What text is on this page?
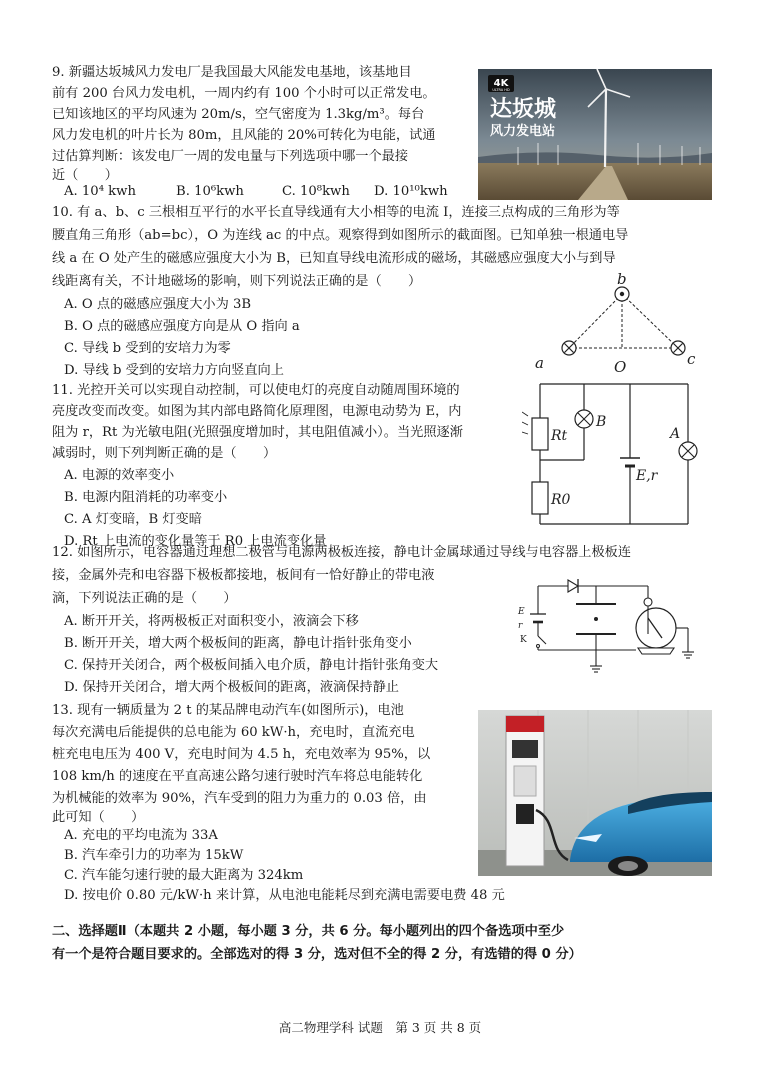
9. 新疆达坂城风力发电厂是我国最大风能发电基地，该基地目
前有 200 台风力发电机，一周内约有 100 个小时可以正常发电。
已知该地区的平均风速为 20m/s，空气密度为 1.3kg/m³。每台
风力发电机的叶片长为 80m，且风能的 20%可转化为电能，试通
过估算判断：该发电厂一周的发电量与下列选项中哪一个最接
近（　　）
A. 10⁴ kwh	B. 10⁶kwh	C. 10⁸kwh D. 10¹⁰kwh
4K
ULTRA HD
达坂城
风力发电站
10. 有 a、b、c 三根相互平行的水平长直导线通有大小相等的电流 I，连接三点构成的三角形为等
腰直角三角形（ab=bc），O 为连线 ac 的中点。观察得到如图所示的截面图。已知单独一根通电导
线 a 在 O 处产生的磁感应强度大小为 B，已知直导线电流形成的磁场，其磁感应强度大小与到导
线距离有关，不计地磁场的影响，则下列说法正确的是（　　）
A. O 点的磁感应强度大小为 3B
B. O 点的磁感应强度方向是从 O 指向 a
C. 导线 b 受到的安培力为零
D. 导线 b 受到的安培力方向竖直向上
b
a	c
O
11. 光控开关可以实现自动控制，可以使电灯的亮度自动随周围环境的
亮度改变而改变。如图为其内部电路简化原理图，电源电动势为 E，内
阻为 r，Rt 为光敏电阻(光照强度增加时，其电阻值减小）。当光照逐渐
减弱时，则下列判断正确的是（　　）
A. 电源的效率变小
B. 电源内阻消耗的功率变小
C. A 灯变暗，B 灯变暗
D. Rt 上电流的变化量等于 R0 上电流变化量
Rt
B
A
E,r
R0
12. 如图所示，电容器通过理想二极管与电源两极板连接，静电计金属球通过导线与电容器上极板连
接，金属外壳和电容器下极板都接地，板间有一恰好静止的带电液
滴，下列说法正确的是（　　）
A. 断开开关，将两极板正对面积变小，液滴会下移
B. 断开开关，增大两个极板间的距离，静电计指针张角变小
C. 保持开关闭合，两个极板间插入电介质，静电计指针张角变大
D. 保持开关闭合，增大两个极板间的距离，液滴保持静止
E
r
K
13. 现有一辆质量为 2 t 的某品牌电动汽车(如图所示)，电池
每次充满电后能提供的总电能为 60 kW·h，充电时，直流充电
桩充电电压为 400 V，充电时间为 4.5 h，充电效率为 95%，以
108 km/h 的速度在平直高速公路匀速行驶时汽车将总电能转化
为机械能的效率为 90%，汽车受到的阻力为重力的 0.03 倍，由
此可知（　　）
A. 充电的平均电流为 33A
B. 汽车牵引力的功率为 15kW
C. 汽车能匀速行驶的最大距离为 324km
D. 按电价 0.80 元/kW·h 来计算，从电池电能耗尽到充满电需要电费 48 元
二、选择题Ⅱ（本题共 2 小题，每小题 3 分，共 6 分。每小题列出的四个备选项中至少
有一个是符合题目要求的。全部选对的得 3 分，选对但不全的得 2 分，有选错的得 0 分）
高二物理学科 试题　第 3 页 共 8 页
